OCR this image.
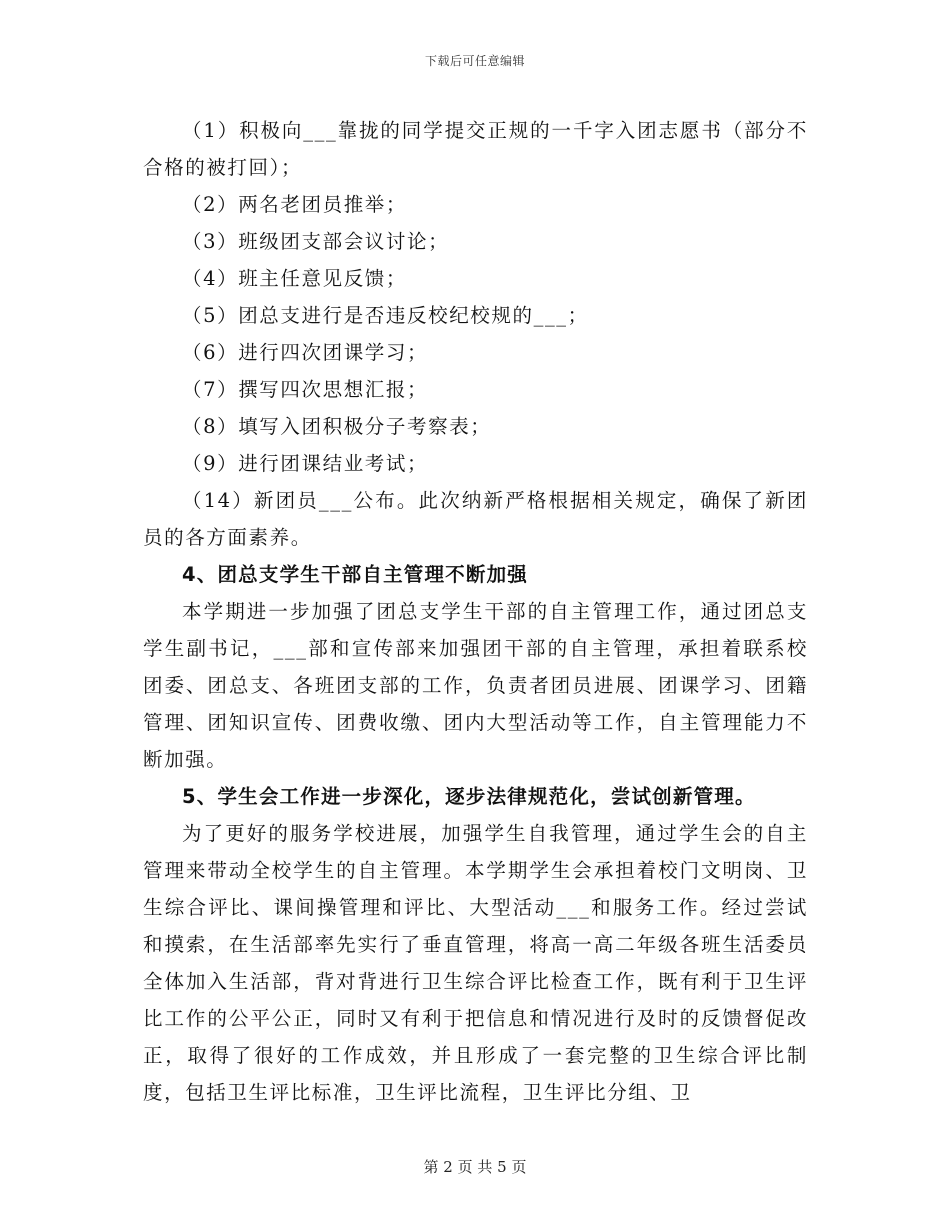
下载后可任意编辑

（1）积极向___靠拢的同学提交正规的一千字入团志愿书（部分不合格的被打回）；

（2）两名老团员推举；

（3）班级团支部会议讨论；

（4）班主任意见反馈；

（5）团总支进行是否违反校纪校规的___；

（6）进行四次团课学习；

（7）撰写四次思想汇报；

（8）填写入团积极分子考察表；

（9）进行团课结业考试；

（14）新团员___公布。此次纳新严格根据相关规定，确保了新团员的各方面素养。

4、团总支学生干部自主管理不断加强

本学期进一步加强了团总支学生干部的自主管理工作，通过团总支学生副书记，___部和宣传部来加强团干部的自主管理，承担着联系校团委、团总支、各班团支部的工作，负责者团员进展、团课学习、团籍管理、团知识宣传、团费收缴、团内大型活动等工作，自主管理能力不断加强。

5、学生会工作进一步深化，逐步法律规范化，尝试创新管理。

为了更好的服务学校进展，加强学生自我管理，通过学生会的自主管理来带动全校学生的自主管理。本学期学生会承担着校门文明岗、卫生综合评比、课间操管理和评比、大型活动___和服务工作。经过尝试和摸索，在生活部率先实行了垂直管理，将高一高二年级各班生活委员全体加入生活部，背对背进行卫生综合评比检查工作，既有利于卫生评比工作的公平公正，同时又有利于把信息和情况进行及时的反馈督促改正，取得了很好的工作成效，并且形成了一套完整的卫生综合评比制度，包括卫生评比标准，卫生评比流程，卫生评比分组、卫

第 2 页 共 5 页
